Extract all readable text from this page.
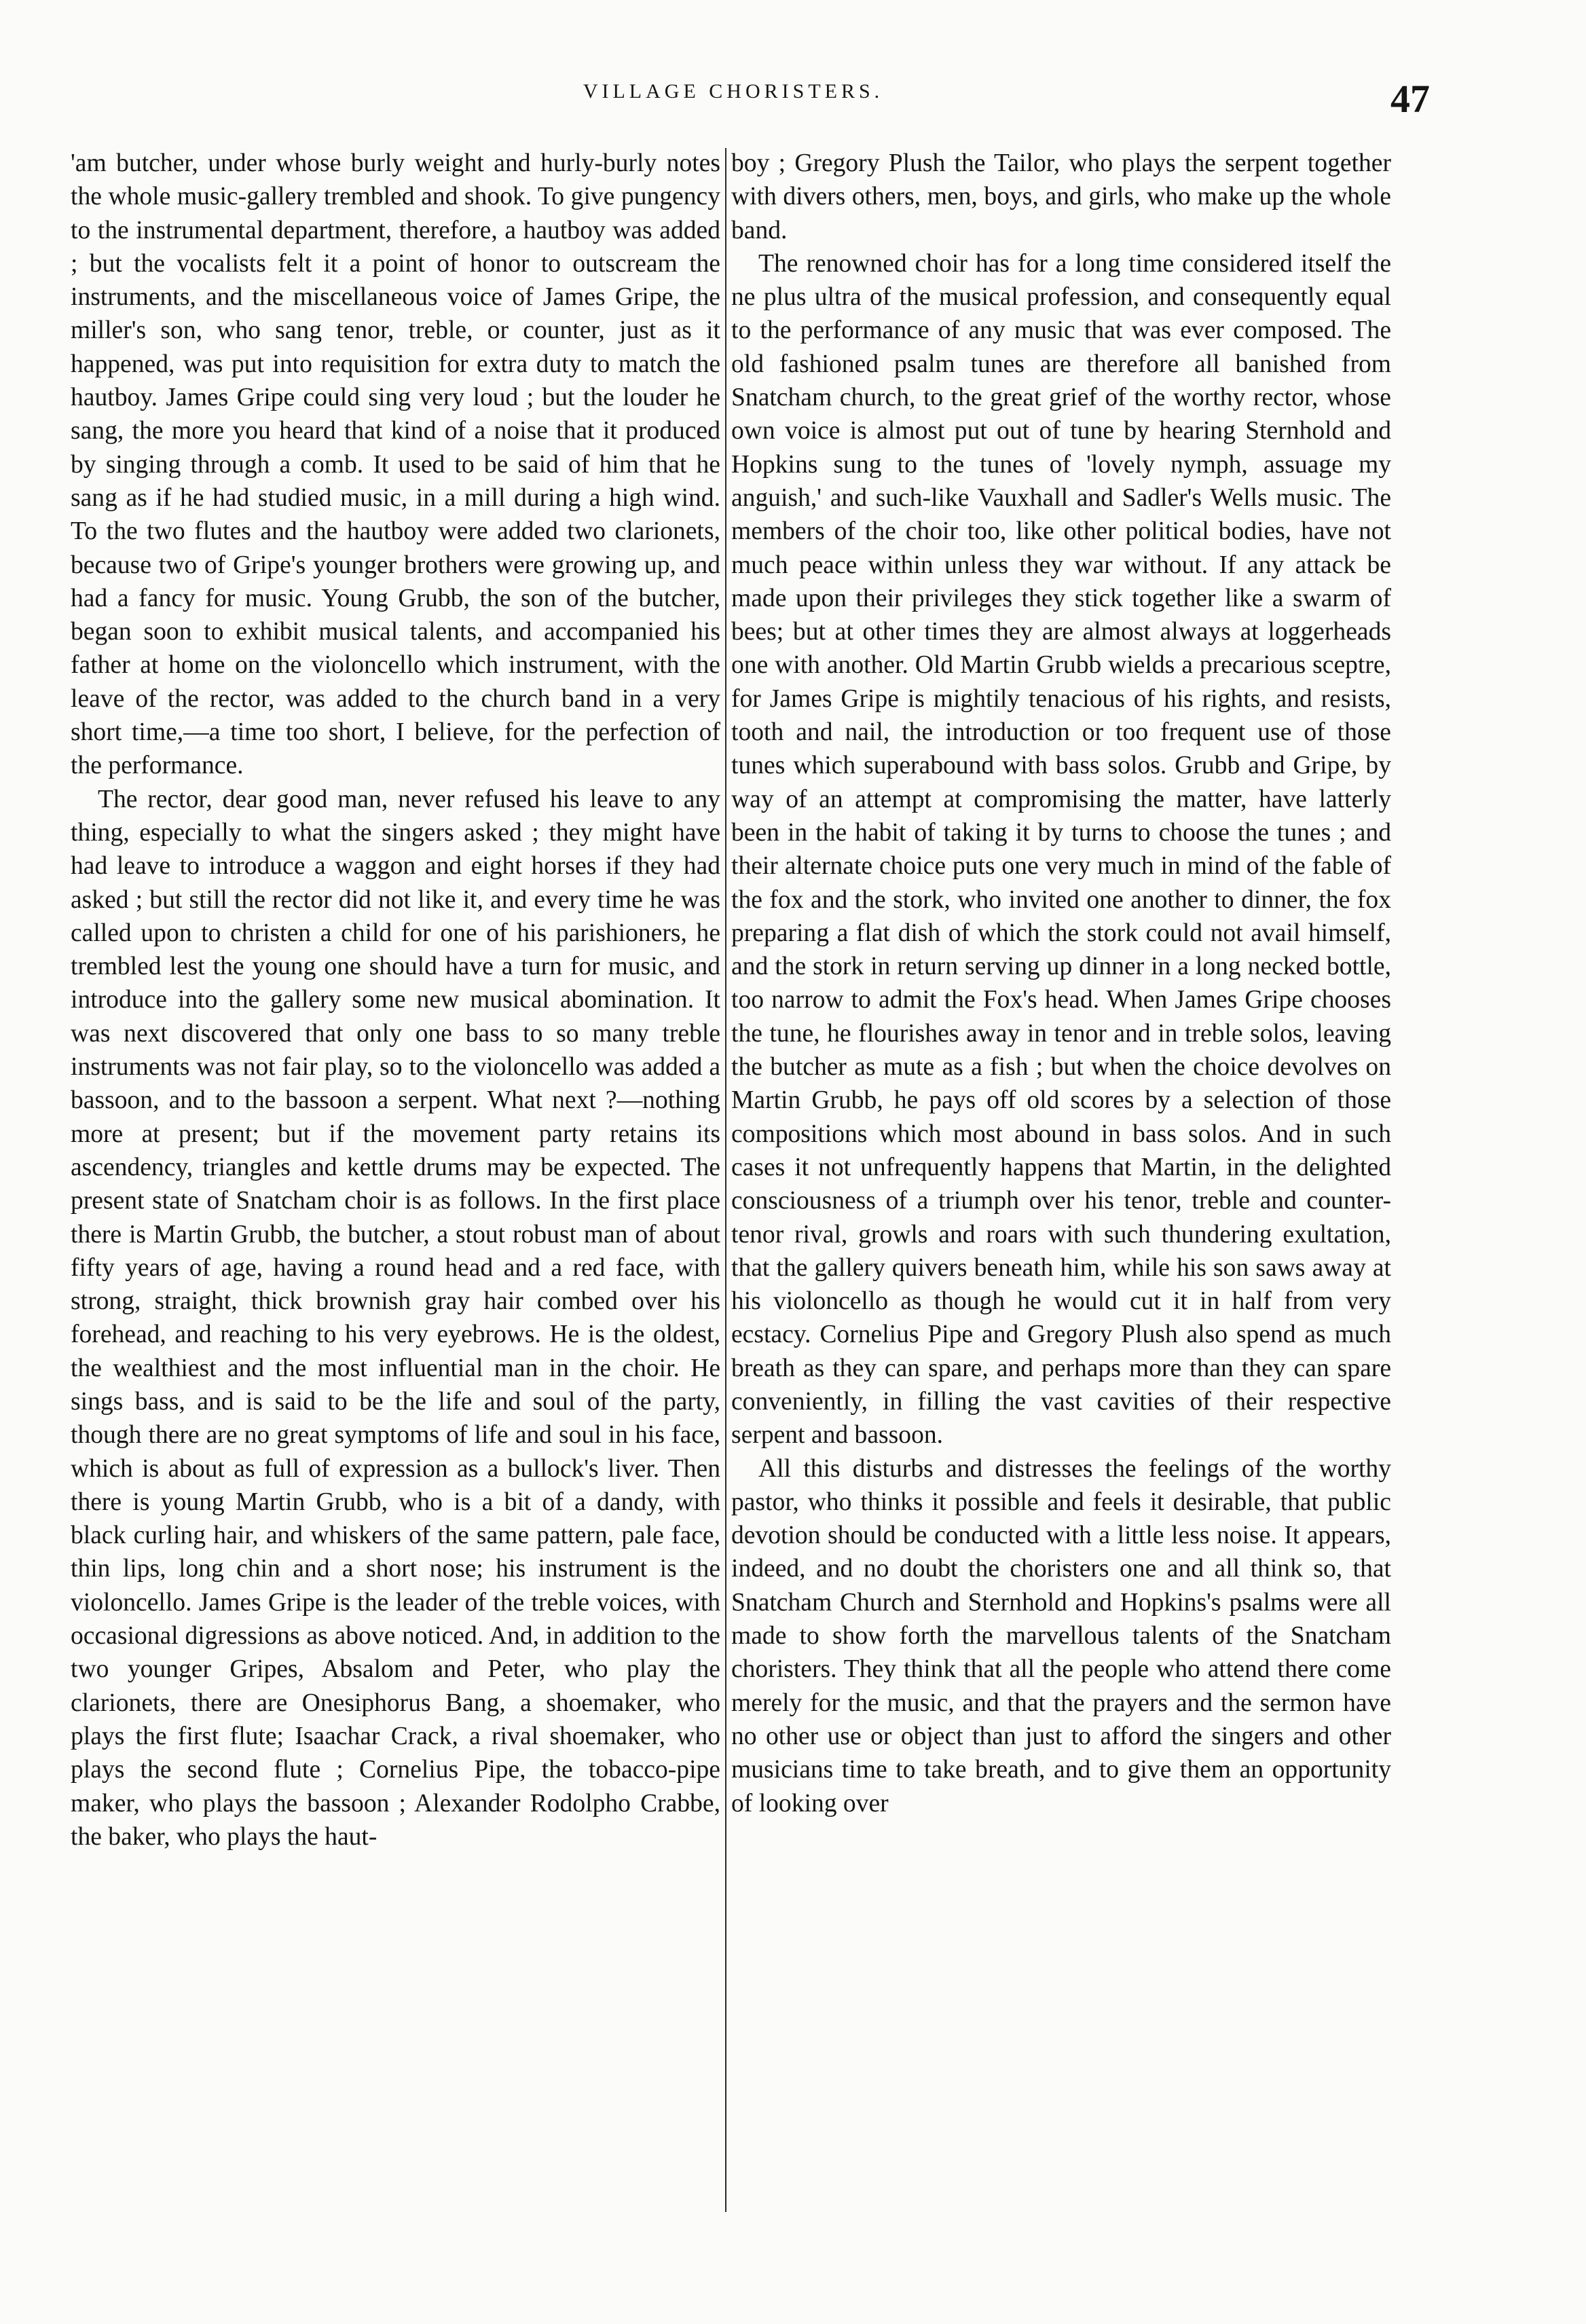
VILLAGE CHORISTERS.	47

'am butcher, under whose burly weight and hurly-burly notes the whole music-gallery trembled and shook. To give pungency to the instrumental department, therefore, a hautboy was added ; but the vocalists felt it a point of honor to outscream the instruments, and the miscellaneous voice of James Gripe, the miller's son, who sang tenor, treble, or counter, just as it happened, was put into requisition for extra duty to match the hautboy. James Gripe could sing very loud ; but the louder he sang, the more you heard that kind of a noise that it produced by singing through a comb. It used to be said of him that he sang as if he had studied music, in a mill during a high wind. To the two flutes and the hautboy were added two clarionets, because two of Gripe's younger brothers were growing up, and had a fancy for music. Young Grubb, the son of the butcher, began soon to exhibit musical talents, and accompanied his father at home on the violoncello which instrument, with the leave of the rector, was added to the church band in a very short time,—a time too short, I believe, for the perfection of the performance.

The rector, dear good man, never refused his leave to any thing, especially to what the singers asked ; they might have had leave to introduce a waggon and eight horses if they had asked ; but still the rector did not like it, and every time he was called upon to christen a child for one of his parishioners, he trembled lest the young one should have a turn for music, and introduce into the gallery some new musical abomination. It was next discovered that only one bass to so many treble instruments was not fair play, so to the violoncello was added a bassoon, and to the bassoon a serpent. What next ?—nothing more at present; but if the movement party retains its ascendency, triangles and kettle drums may be expected. The present state of Snatcham choir is as follows. In the first place there is Martin Grubb, the butcher, a stout robust man of about fifty years of age, having a round head and a red face, with strong, straight, thick brownish gray hair combed over his forehead, and reaching to his very eyebrows. He is the oldest, the wealthiest and the most influential man in the choir. He sings bass, and is said to be the life and soul of the party, though there are no great symptoms of life and soul in his face, which is about as full of expression as a bullock's liver. Then there is young Martin Grubb, who is a bit of a dandy, with black curling hair, and whiskers of the same pattern, pale face, thin lips, long chin and a short nose; his instrument is the violoncello. James Gripe is the leader of the treble voices, with occasional digressions as above noticed. And, in addition to the two younger Gripes, Absalom and Peter, who play the clarionets, there are Onesiphorus Bang, a shoemaker, who plays the first flute; Isaachar Crack, a rival shoemaker, who plays the second flute ; Cornelius Pipe, the tobacco-pipe maker, who plays the bassoon ; Alexander Rodolpho Crabbe, the baker, who plays the haut-

boy ; Gregory Plush the Tailor, who plays the serpent together with divers others, men, boys, and girls, who make up the whole band.

The renowned choir has for a long time considered itself the ne plus ultra of the musical profession, and consequently equal to the performance of any music that was ever composed. The old fashioned psalm tunes are therefore all banished from Snatcham church, to the great grief of the worthy rector, whose own voice is almost put out of tune by hearing Sternhold and Hopkins sung to the tunes of 'lovely nymph, assuage my anguish,' and such-like Vauxhall and Sadler's Wells music. The members of the choir too, like other political bodies, have not much peace within unless they war without. If any attack be made upon their privileges they stick together like a swarm of bees; but at other times they are almost always at loggerheads one with another. Old Martin Grubb wields a precarious sceptre, for James Gripe is mightily tenacious of his rights, and resists, tooth and nail, the introduction or too frequent use of those tunes which superabound with bass solos. Grubb and Gripe, by way of an attempt at compromising the matter, have latterly been in the habit of taking it by turns to choose the tunes ; and their alternate choice puts one very much in mind of the fable of the fox and the stork, who invited one another to dinner, the fox preparing a flat dish of which the stork could not avail himself, and the stork in return serving up dinner in a long necked bottle, too narrow to admit the Fox's head. When James Gripe chooses the tune, he flourishes away in tenor and in treble solos, leaving the butcher as mute as a fish ; but when the choice devolves on Martin Grubb, he pays off old scores by a selection of those compositions which most abound in bass solos. And in such cases it not unfrequently happens that Martin, in the delighted consciousness of a triumph over his tenor, treble and counter-tenor rival, growls and roars with such thundering exultation, that the gallery quivers beneath him, while his son saws away at his violoncello as though he would cut it in half from very ecstacy. Cornelius Pipe and Gregory Plush also spend as much breath as they can spare, and perhaps more than they can spare conveniently, in filling the vast cavities of their respective serpent and bassoon.

All this disturbs and distresses the feelings of the worthy pastor, who thinks it possible and feels it desirable, that public devotion should be conducted with a little less noise. It appears, indeed, and no doubt the choristers one and all think so, that Snatcham Church and Sternhold and Hopkins's psalms were all made to show forth the marvellous talents of the Snatcham choristers. They think that all the people who attend there come merely for the music, and that the prayers and the sermon have no other use or object than just to afford the singers and other musicians time to take breath, and to give them an opportunity of looking over
